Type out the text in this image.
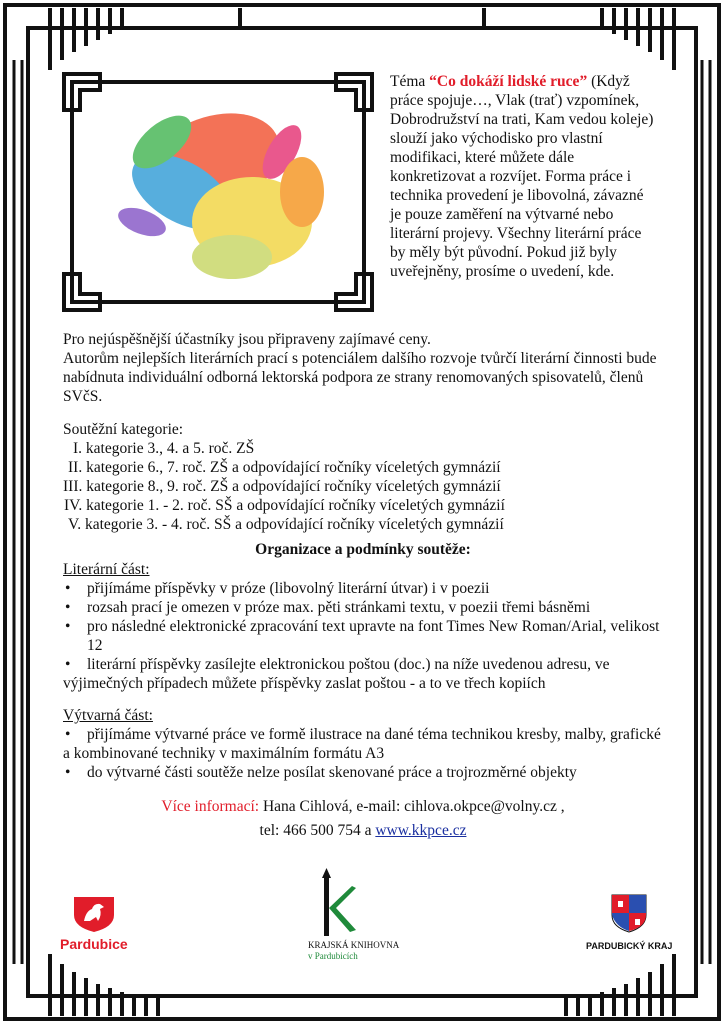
Téma “Co dokáží lidské ruce” (Když práce spojuje…, Vlak (trať) vzpomínek, Dobrodružství na trati, Kam vedou koleje) slouží jako východisko pro vlastní modifikaci, které můžete dále konkretizovat a rozvíjet. Forma práce i technika provedení je libovolná, závazné je pouze zaměření na výtvarné nebo literární projevy. Všechny literární práce by měly být původní. Pokud již byly uveřejněny, prosíme o uvedení, kde.
Pro nejúspěšnější účastníky jsou připraveny zajímavé ceny.
Autorům nejlepších literárních prací s potenciálem dalšího rozvoje tvůrčí literární činnosti bude nabídnuta individuální odborná lektorská podpora ze strany renomovaných spisovatelů, členů SVčS.
Soutěžní kategorie:
I. kategorie 3., 4. a 5. roč. ZŠ
II. kategorie 6., 7. roč. ZŠ a odpovídající ročníky víceletých gymnázií
III. kategorie 8., 9. roč. ZŠ a odpovídající ročníky víceletých gymnázií
IV. kategorie 1. - 2. roč. SŠ a odpovídající ročníky víceletých gymnázií
V. kategorie 3. - 4. roč. SŠ a odpovídající ročníky víceletých gymnázií
Organizace a podmínky soutěže:
Literární část:
• přijímáme příspěvky v próze (libovolný literární útvar) i v poezii
• rozsah prací je omezen v próze max. pěti stránkami textu, v poezii třemi básněmi
• pro následné elektronické zpracování text upravte na font Times New Roman/Arial, velikost 12
• literární příspěvky zasílejte elektronickou poštou (doc.) na níže uvedenou adresu, ve výjimečných případech můžete příspěvky zaslat poštou - a to ve třech kopiích
Výtvarná část:
• přijímáme výtvarné práce ve formě ilustrace na dané téma technikou kresby, malby, grafické a kombinované techniky v maximálním formátu A3
• do výtvarné části soutěže nelze posílat skenované práce a trojrozměrné objekty
Více informací: Hana Cihlová, e-mail: cihlova.okpce@volny.cz ,
tel: 466 500 754 a www.kkpce.cz
Pardubice	KRAJSKÁ KNIHOVNA
v Pardubicích
PARDUBICKÝ KRAJ
